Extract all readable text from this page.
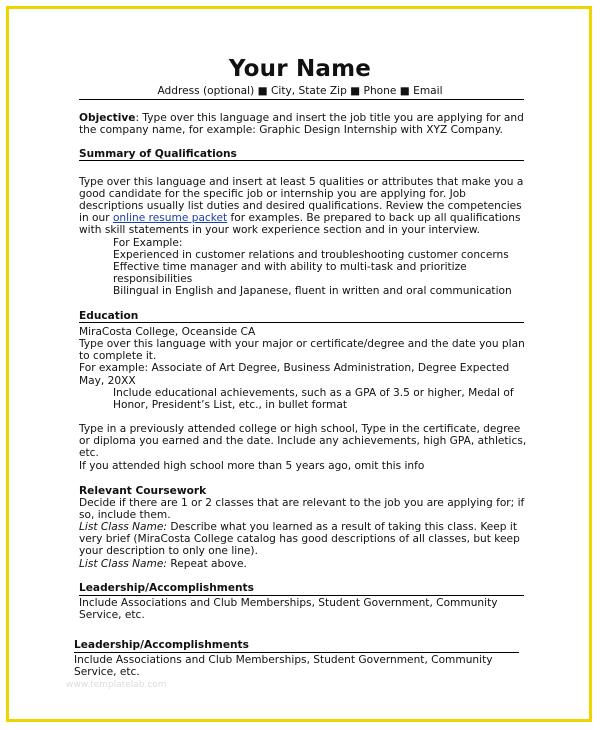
Your Name
Address (optional) ■ City, State Zip ■ Phone ■ Email
Objective: Type over this language and insert the job title you are applying for and
the company name, for example: Graphic Design Internship with XYZ Company.
Summary of Qualifications
Type over this language and insert at least 5 qualities or attributes that make you a
good candidate for the specific job or internship you are applying for. Job
descriptions usually list duties and desired qualifications. Review the competencies
in our online resume packet for examples. Be prepared to back up all qualifications
with skill statements in your work experience section and in your interview.
For Example:
Experienced in customer relations and troubleshooting customer concerns
Effective time manager and with ability to multi-task and prioritize
responsibilities
Bilingual in English and Japanese, fluent in written and oral communication
Education
MiraCosta College, Oceanside CA
Type over this language with your major or certificate/degree and the date you plan
to complete it.
For example: Associate of Art Degree, Business Administration, Degree Expected
May, 20XX
Include educational achievements, such as a GPA of 3.5 or higher, Medal of
Honor, President’s List, etc., in bullet format
Type in a previously attended college or high school, Type in the certificate, degree
or diploma you earned and the date. Include any achievements, high GPA, athletics,
etc.
If you attended high school more than 5 years ago, omit this info
Relevant Coursework
Decide if there are 1 or 2 classes that are relevant to the job you are applying for; if
so, include them.
List Class Name: Describe what you learned as a result of taking this class. Keep it
very brief (MiraCosta College catalog has good descriptions of all classes, but keep
your description to only one line).
List Class Name: Repeat above.
Leadership/Accomplishments
Include Associations and Club Memberships, Student Government, Community
Service, etc.
Leadership/Accomplishments
Include Associations and Club Memberships, Student Government, Community
Service, etc.
www.templatelab.com
